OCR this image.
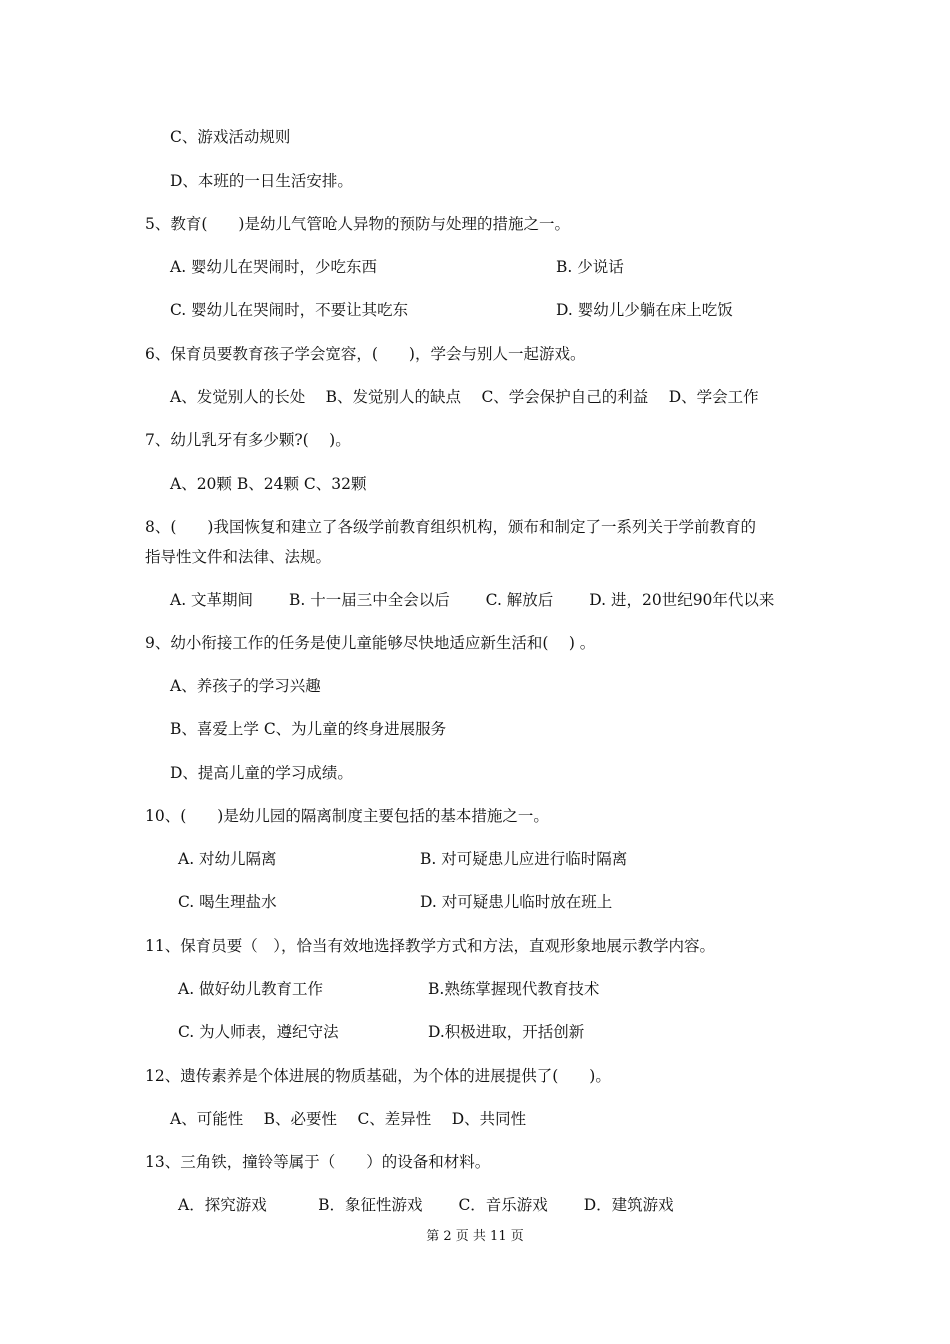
C、游戏活动规则
D、本班的一日生活安排。
5、教育(　　)是幼儿气管呛人异物的预防与处理的措施之一。
A. 婴幼儿在哭闹时，少吃东西	B. 少说话
C. 婴幼儿在哭闹时，不要让其吃东	D. 婴幼儿少躺在床上吃饭
6、保育员要教育孩子学会宽容，(　　)，学会与别人一起游戏。
A、发觉别人的长处　 B、发觉别人的缺点　 C、学会保护自己的利益　 D、学会工作
7、幼儿乳牙有多少颗?(　 )。
A、20颗 B、24颗 C、32颗
8、(　　)我国恢复和建立了各级学前教育组织机构，颁布和制定了一系列关于学前教育的
指导性文件和法律、法规。
A. 文革期间　　 B. 十一届三中全会以后　　 C. 解放后　　 D. 进，20世纪90年代以来
9、幼小衔接工作的任务是使儿童能够尽快地适应新生活和(　 ) 。
A、养孩子的学习兴趣
B、喜爱上学 C、为儿童的终身进展服务
D、提高儿童的学习成绩。
10、(　　)是幼儿园的隔离制度主要包括的基本措施之一。
A. 对幼儿隔离	B. 对可疑患儿应进行临时隔离
C. 喝生理盐水	D. 对可疑患儿临时放在班上
11、保育员要（　），恰当有效地选择教学方式和方法，直观形象地展示教学内容。
A. 做好幼儿教育工作	B.熟练掌握现代教育技术
C. 为人师表，遵纪守法	D.积极进取，开括创新
12、遗传素养是个体进展的物质基础，为个体的进展提供了(　　)。
A、可能性　 B、必要性　 C、差异性　 D、共同性
13、三角铁，撞铃等属于（　　）的设备和材料。
A．探究游戏　　　 B．象征性游戏　　 C．音乐游戏　　 D．建筑游戏
第 2 页 共 11 页
